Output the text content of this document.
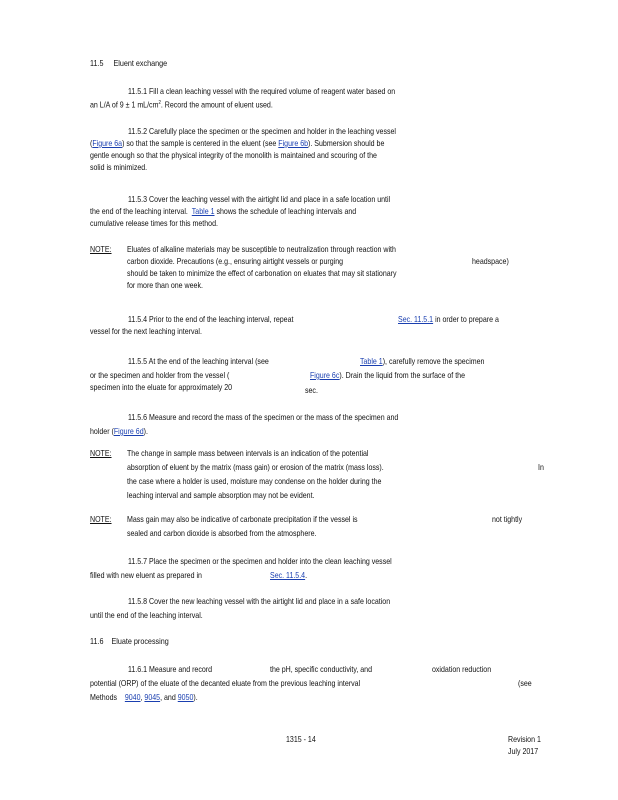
11.5 Eluent exchange
11.5.1 Fill a clean leaching vessel with the required volume of reagent water based on
an L/A of 9 ± 1 $mL/cm^2$. Record the amount of eluent used.
11.5.2 Carefully place the specimen or the specimen and holder in the leaching vessel
(Figure 6a) so that the sample is centered in the eluent (see Figure 6b). Submersion should be
gentle enough so that the physical integrity of the monolith is maintained and scouring of the
solid is minimized.
11.5.3 Cover the leaching vessel with the airtight lid and place in a safe location until
the end of the leaching interval. Table 1 shows the schedule of leaching intervals and
cumulative release times for this method.
NOTE: Eluates of alkaline materials may be susceptible to neutralization through reaction with
carbon dioxide. Precautions (e.g., ensuring airtight vessels or purging	headspace)
should be taken to minimize the effect of carbonation on eluates that may sit stationary
for more than one week.
11.5.4 Prior to the end of the leaching interval, repeat	Sec. 11.5.1 in order to prepare a
vessel for the next leaching interval.
11.5.5 At the end of the leaching interval (see	Table 1), carefully remove the specimen
or the specimen and holder from the vessel (	Figure 6c). Drain the liquid from the surface of the
specimen into the eluate for approximately 20	sec.
11.5.6 Measure and record the mass of the specimen or the mass of the specimen and
holder (Figure 6d).
NOTE: The change in sample mass between intervals is an indication of the potential
absorption of eluent by the matrix (mass gain) or erosion of the matrix (mass loss).	In
the case where a holder is used, moisture may condense on the holder during the
leaching interval and sample absorption may not be evident.
NOTE: Mass gain may also be indicative of carbonate precipitation if the vessel is	not tightly
sealed and carbon dioxide is absorbed from the atmosphere.
11.5.7 Place the specimen or the specimen and holder into the clean leaching vessel
filled with new eluent as prepared in	Sec. 11.5.4.
11.5.8 Cover the new leaching vessel with the airtight lid and place in a safe location
until the end of the leaching interval.
11.6 Eluate processing
11.6.1 Measure and record	the pH, specific conductivity, and	oxidation reduction
potential (ORP) of the eluate of the decanted eluate from the previous leaching interval	(see
Methods 9040, 9045, and 9050).
1315 - 14	Revision 1
July 2017
